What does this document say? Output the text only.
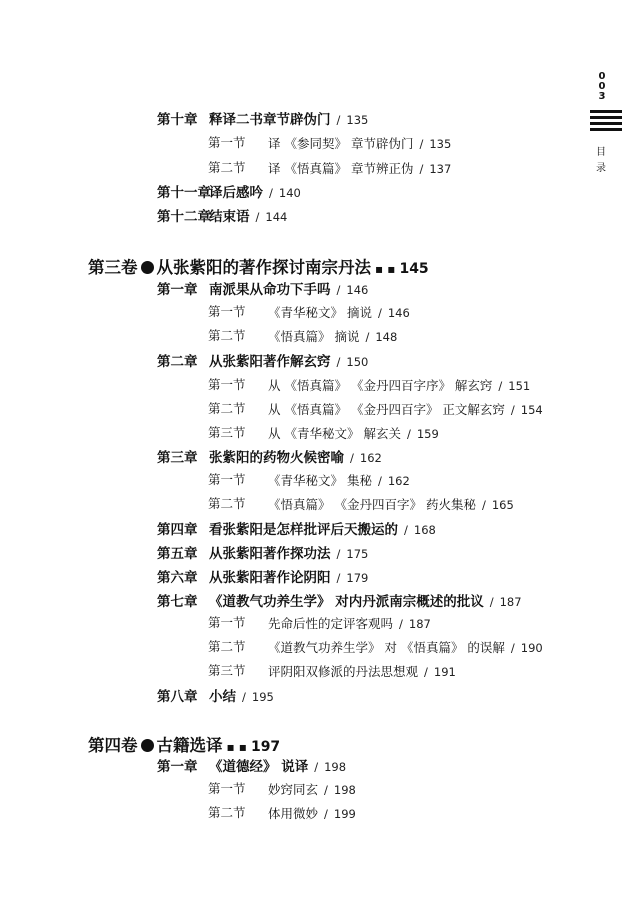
0
0
3
目
录
第十章 释译二书章节辟伪门 / 135
第一节 译 《参同契》 章节辟伪门 / 135
第二节 译 《悟真篇》 章节辨正伪 / 137
第十一章
译后感吟 / 140
第十二章
结束语 / 144
第三卷 从张紫阳的著作探讨南宗丹法 ▪ ▪ 145
第一章 南派果从命功下手吗 / 146
第一节 《青华秘文》 摘说 / 146
第二节 《悟真篇》 摘说 / 148
第二章 从张紫阳著作解玄窍 / 150
第一节 从 《悟真篇》 《金丹四百字序》 解玄窍 / 151
第二节 从 《悟真篇》 《金丹四百字》 正文解玄窍 / 154
第三节 从 《青华秘文》 解玄关 / 159
第三章 张紫阳的药物火候密喻 / 162
第一节 《青华秘文》 集秘 / 162
第二节 《悟真篇》 《金丹四百字》 药火集秘 / 165
第四章 看张紫阳是怎样批评后天搬运的 / 168
第五章 从张紫阳著作探功法 / 175
第六章 从张紫阳著作论阴阳 / 179
第七章 《道教气功养生学》 对内丹派南宗概述的批议 / 187
第一节 先命后性的定评客观吗 / 187
第二节 《道教气功养生学》 对 《悟真篇》 的误解 / 190
第三节 评阴阳双修派的丹法思想观 / 191
第八章 小结 / 195
第四卷 古籍选译 ▪ ▪ 197
第一章 《道德经》 说译 / 198
第一节 妙窍同玄 / 198
第二节 体用微妙 / 199
